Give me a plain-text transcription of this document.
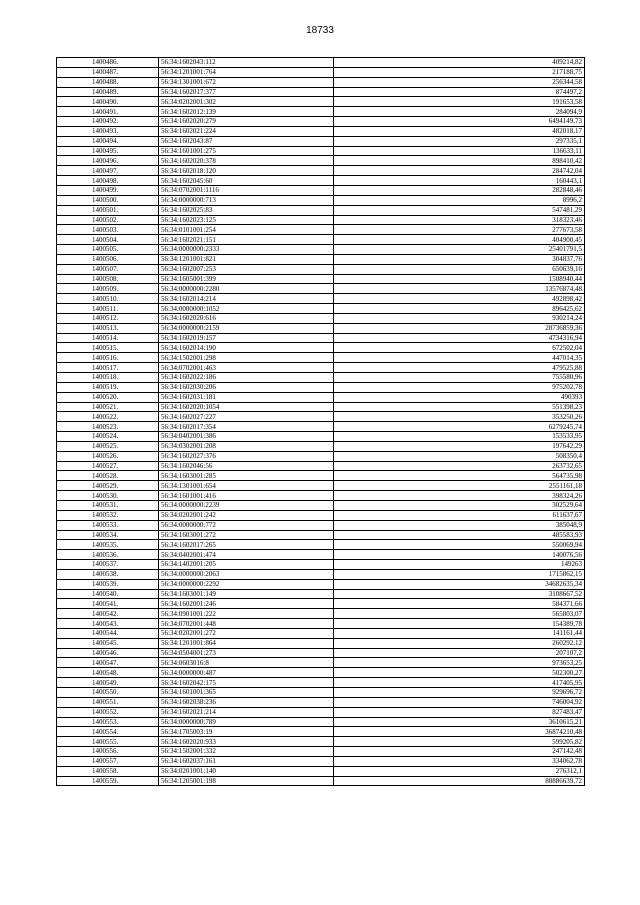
18733
1400486.	56:34:1602043:112	409214,82
1400487.	56:34:1201001:764	217188,75
1400488.	56:34:1301001:672	256344,58
1400489.	56:34:1602017:377	874497,2
1400490.	56:34:0202001:302	191653,58
1400491.	56:34:1602012:139	284094,9
1400492.	56:34:1602020:279	6494149,73
1400493.	56:34:1602021:224	482018,17
1400494.	56:34:1602043:87	297335,1
1400495.	56:34:1601001:275	136633,11
1400496.	56:34:1602020:378	898410,42
1400497.	56:34:1602018:120	284742,04
1400498.	56:34:1602045:60	160443,1
1400499.	56:34:0702001:1116	282848,46
1400500.	56:34:0000000:713	8996,2
1400501.	56:34:1602025:83	547481,29
1400502.	56:34:1602023:125	318323,46
1400503.	56:34:0101001:254	277673,58
1400504.	56:34:1602021:151	404900,45
1400505.	56:34:0000000:2333	25401791,5
1400506.	56:34:1201001:821	304837,76
1400507.	56:34:1602007:253	650639,16
1400508.	56:34:1605001:399	1508940,44
1400509.	56:34:0000000:2280	13576874,48
1400510.	56:34:1602014:214	492898,42
1400511.	56:34:0000000:1052	896425,62
1400512.	56:34:1602020:616	930214,24
1400513.	56:34:0000000:2159	28736859,36
1400514.	56:34:1602019:157	4734316,94
1400515.	56:34:1602014:190	672502,04
1400516.	56:34:1502001:298	447014,35
1400517.	56:34:0702001:463	479525,88
1400518.	56:34:1602022:186	755580,96
1400519.	56:34:1602030:206	975202,78
1400520.	56:34:1602031:181	490393
1400521.	56:34:1602020:1054	551398,23
1400522.	56:34:1602027:227	353250,26
1400523.	56:34:1602017:354	6279245,74
1400524.	56:34:0402001:386	153533,95
1400525.	56:34:0302001:208	197642,29
1400526.	56:34:1602027:376	508350,4
1400527.	56:34:1602046:56	263732,65
1400528.	56:34:1603001:285	564735,98
1400529.	56:34:1301001:654	2551161,18
1400530.	56:34:1601001:416	398324,26
1400531.	56:34:0000000:2239	302529,64
1400532.	56:34:0202001:242	611637,67
1400533.	56:34:0000000:772	385048,9
1400534.	56:34:1603001:272	485583,93
1400535.	56:34:1602017:265	550069,94
1400536.	56:34:0402001:474	140076,56
1400537.	56:34:1402001:205	149263
1400538.	56:34:0000000:2063	1715862,15
1400539.	56:34:0000000:2292	34682635,34
1400540.	56:34:1603001:149	3108667,52
1400541.	56:34:1602001:246	584371,66
1400542.	56:34:0901001:222	565803,07
1400543.	56:34:0702001:448	154389,78
1400544.	56:34:0202001:272	141161,44
1400545.	56:34:1201001:864	260292,12
1400546.	56:34:0504001:273	207107,2
1400547.	56:34:0603016:8	973653,25
1400548.	56:34:0000000:487	502300,27
1400549.	56:34:1602042:175	417405,95
1400550.	56:34:1601001:365	929696,72
1400551.	56:34:1602038:236	746004,92
1400552.	56:34:1602021:214	827483,47
1400553.	56:34:0000000:789	3610615,21
1400554.	56:34:1705003:19	36874210,48
1400555.	56:34:1602020:933	599205,82
1400556.	56:34:1502001:332	247142,48
1400557.	56:34:1602037:161	334062,78
1400558.	56:34:0201001:140	276312,1
1400559.	56:34:1205001:198	88886639,72
